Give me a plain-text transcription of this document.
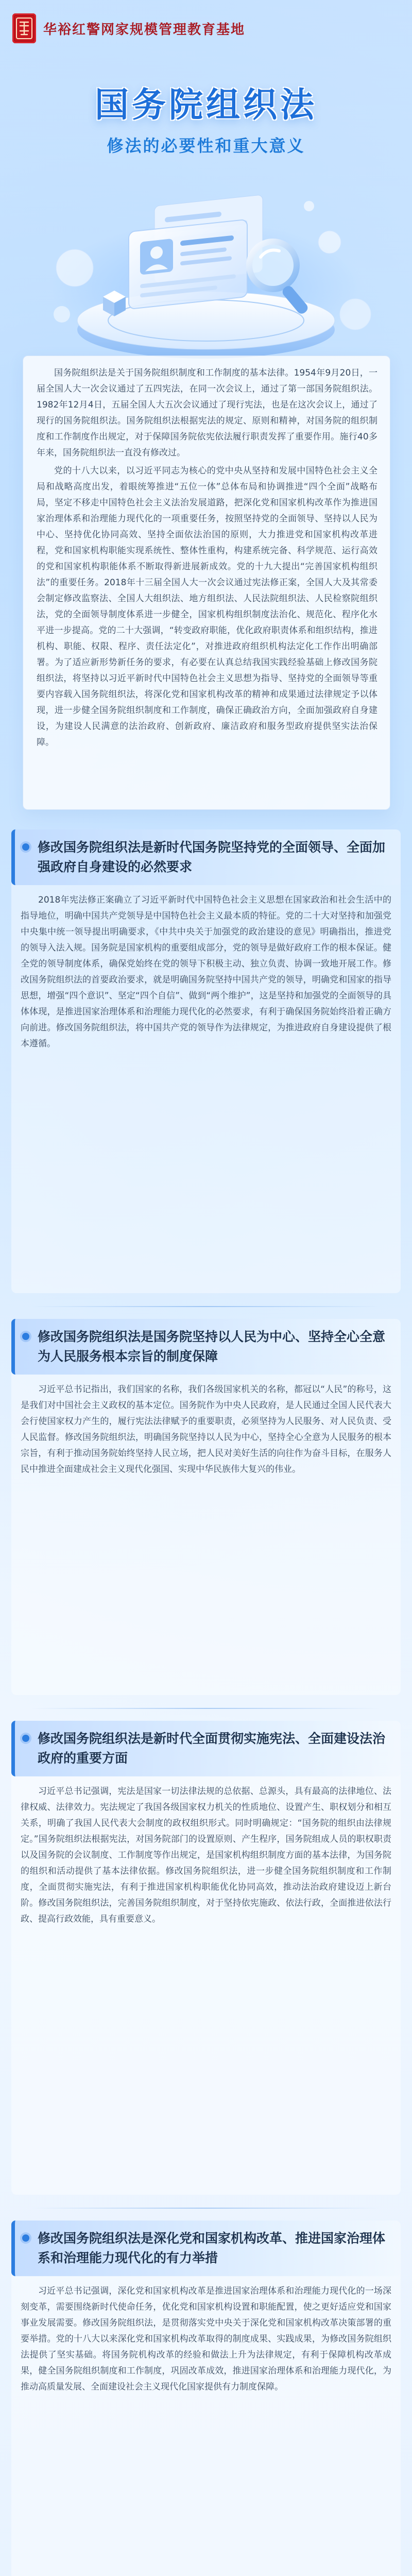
华裕红警网家规模管理教育基地
国务院组织法
修法的必要性和重大意义

国务院组织法是关于国务院组织制度和工作制度的基本法律。1954年9月20日，一届全国人大一次会议通过了五四宪法，在同一次会议上，通过了第一部国务院组织法。1982年12月4日，五届全国人大五次会议通过了现行宪法，也是在这次会议上，通过了现行的国务院组织法。国务院组织法根据宪法的规定、原则和精神，对国务院的组织制度和工作制度作出规定，对于保障国务院依宪依法履行职责发挥了重要作用。施行40多年来，国务院组织法一直没有修改过。

党的十八大以来，以习近平同志为核心的党中央从坚持和发展中国特色社会主义全局和战略高度出发，着眼统筹推进“五位一体”总体布局和协调推进“四个全面”战略布局，坚定不移走中国特色社会主义法治发展道路，把深化党和国家机构改革作为推进国家治理体系和治理能力现代化的一项重要任务，按照坚持党的全面领导、坚持以人民为中心、坚持优化协同高效、坚持全面依法治国的原则，大力推进党和国家机构改革进程，党和国家机构职能实现系统性、整体性重构，构建系统完备、科学规范、运行高效的党和国家机构职能体系不断取得新进展新成效。党的十九大提出“完善国家机构组织法”的重要任务。2018年十三届全国人大一次会议通过宪法修正案，全国人大及其常委会制定修改监察法、全国人大组织法、地方组织法、人民法院组织法、人民检察院组织法，党的全面领导制度体系进一步健全，国家机构组织制度法治化、规范化、程序化水平进一步提高。党的二十大强调，“转变政府职能，优化政府职责体系和组织结构，推进机构、职能、权限、程序、责任法定化”，对推进政府组织机构法定化工作作出明确部署。为了适应新形势新任务的要求，有必要在认真总结我国实践经验基础上修改国务院组织法，将坚持以习近平新时代中国特色社会主义思想为指导、坚持党的全面领导等重要内容载入国务院组织法，将深化党和国家机构改革的精神和成果通过法律规定予以体现，进一步健全国务院组织制度和工作制度，确保正确政治方向，全面加强政府自身建设，为建设人民满意的法治政府、创新政府、廉洁政府和服务型政府提供坚实法治保障。

修改国务院组织法是新时代国务院坚持党的全面领导、全面加强政府自身建设的必然要求

2018年宪法修正案确立了习近平新时代中国特色社会主义思想在国家政治和社会生活中的指导地位，明确中国共产党领导是中国特色社会主义最本质的特征。党的二十大对坚持和加强党中央集中统一领导提出明确要求，《中共中央关于加强党的政治建设的意见》明确指出，推进党的领导入法入规。国务院是国家机构的重要组成部分，党的领导是做好政府工作的根本保证。健全党的领导制度体系，确保党始终在党的领导下积极主动、独立负责、协调一致地开展工作。修改国务院组织法的首要政治要求，就是明确国务院坚持中国共产党的领导，明确党和国家的指导思想，增强“四个意识”、坚定“四个自信”、做到“两个维护”，这是坚持和加强党的全面领导的具体体现，是推进国家治理体系和治理能力现代化的必然要求，有利于确保国务院始终沿着正确方向前进。修改国务院组织法，将中国共产党的领导作为法律规定，为推进政府自身建设提供了根本遵循。

修改国务院组织法是国务院坚持以人民为中心、坚持全心全意为人民服务根本宗旨的制度保障

习近平总书记指出，我们国家的名称，我们各级国家机关的名称，都冠以“人民”的称号，这是我们对中国社会主义政权的基本定位。国务院作为中央人民政府，是人民通过全国人民代表大会行使国家权力产生的，履行宪法法律赋予的重要职责，必须坚持为人民服务、对人民负责、受人民监督。修改国务院组织法，明确国务院坚持以人民为中心，坚持全心全意为人民服务的根本宗旨，有利于推动国务院始终坚持人民立场，把人民对美好生活的向往作为奋斗目标，在服务人民中推进全面建成社会主义现代化强国、实现中华民族伟大复兴的伟业。

修改国务院组织法是新时代全面贯彻实施宪法、全面建设法治政府的重要方面

习近平总书记强调，宪法是国家一切法律法规的总依据、总源头，具有最高的法律地位、法律权威、法律效力。宪法规定了我国各级国家权力机关的性质地位、设置产生、职权划分和相互关系，明确了我国人民代表大会制度的政权组织形式。同时明确规定：“国务院的组织由法律规定。”国务院组织法根据宪法，对国务院部门的设置原则、产生程序，国务院组成人员的职权职责以及国务院的会议制度、工作制度等作出规定，是国家机构组织制度方面的基本法律，为国务院的组织和活动提供了基本法律依据。修改国务院组织法，进一步健全国务院组织制度和工作制度，全面贯彻实施宪法，有利于推进国家机构职能优化协同高效，推动法治政府建设迈上新台阶。修改国务院组织法，完善国务院组织制度，对于坚持依宪施政、依法行政，全面推进依法行政、提高行政效能，具有重要意义。

修改国务院组织法是深化党和国家机构改革、推进国家治理体系和治理能力现代化的有力举措

习近平总书记强调，深化党和国家机构改革是推进国家治理体系和治理能力现代化的一场深刻变革，需要围绕新时代使命任务，优化党和国家机构设置和职能配置，使之更好适应党和国家事业发展需要。修改国务院组织法，是贯彻落实党中央关于深化党和国家机构改革决策部署的重要举措。党的十八大以来深化党和国家机构改革取得的制度成果、实践成果，为修改国务院组织法提供了坚实基础。将国务院机构改革的经验和做法上升为法律规定，有利于保障机构改革成果，健全国务院组织制度和工作制度，巩固改革成效，推进国家治理体系和治理能力现代化，为推动高质量发展、全面建设社会主义现代化国家提供有力制度保障。
